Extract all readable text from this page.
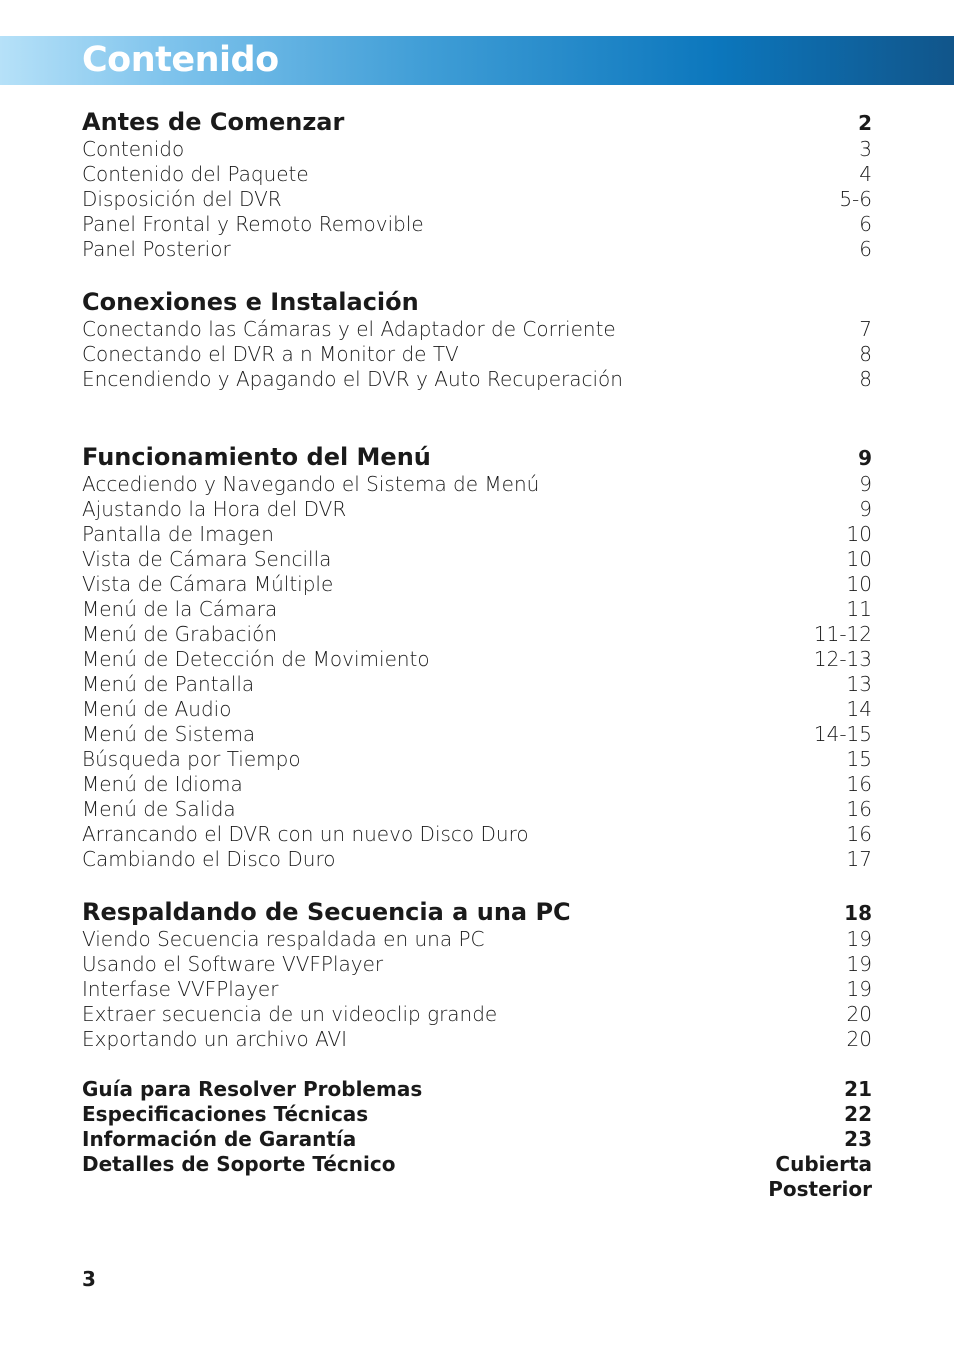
Contenido
Antes de Comenzar	2
Contenido	3
Contenido del Paquete	4
Disposición del DVR	5-6
Panel Frontal y Remoto Removible	6
Panel Posterior	6
Conexiones e Instalación
Conectando las Cámaras y el Adaptador de Corriente	7
Conectando el DVR a n Monitor de TV	8
Encendiendo y Apagando el DVR y Auto Recuperación	8
Funcionamiento del Menú	9
Accediendo y Navegando el Sistema de Menú	9
Ajustando la Hora del DVR	9
Pantalla de Imagen	10
Vista de Cámara Sencilla	10
Vista de Cámara Múltiple	10
Menú de la Cámara	11
Menú de Grabación	11-12
Menú de Detección de Movimiento	12-13
Menú de Pantalla	13
Menú de Audio	14
Menú de Sistema	14-15
Búsqueda por Tiempo	15
Menú de Idioma	16
Menú de Salida	16
Arrancando el DVR con un nuevo Disco Duro	16
Cambiando el Disco Duro	17
Respaldando de Secuencia a una PC	18
Viendo Secuencia respaldada en una PC	19
Usando el Software VVFPlayer	19
Interfase VVFPlayer	19
Extraer secuencia de un videoclip grande	20
Exportando un archivo AVI	20
Guía para Resolver Problemas	21
Especificaciones Técnicas	22
Información de Garantía	23
Detalles de Soporte Técnico	Cubierta
Posterior
3
